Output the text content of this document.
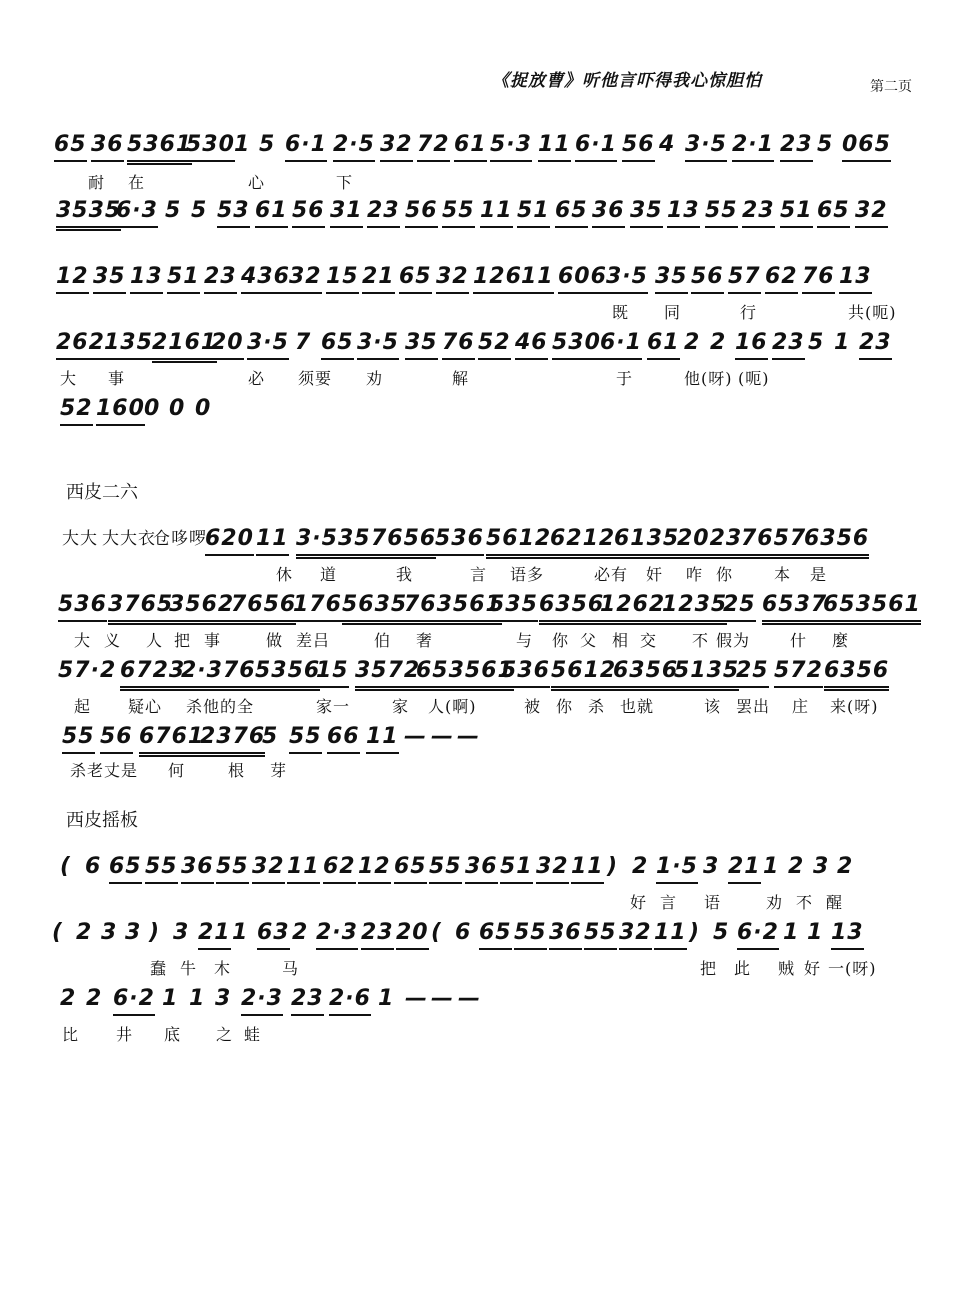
《捉放曹》听他言吓得我心惊胆怕	第二页
西皮二六
西皮摇板
65 36 5361
530 1 5 6·1 2·5 32 72 61 5·3 11 6·1 56 4 3·5 2·1 23 5 065
耐 在	心	下
3535
6·3 5 5 53 61 56 31 23 56 55 11 51 65 36 35 13 55 23 51 65 32
12 35 13 51 23 436 32 15 21 65 32 126 11 606 3·5 35 56 57 62 76 13
既 同	行	共(呃)
262 135 2161
20 3·5 7 65 3·5 35 76 52 46 530 6·1 61 2 2 16 23 5 1 23
大 事	必 须要 劝	解	于	他(呀) (呃)
52 160 0 0 0
大大 大大衣
仓哆啰
620 11 3·535 7656
536 5612
6212
6135
2023
7657
6356
休 道	我	言 语多	必有 奸 咋 你	本 是
536 3765
3562
7656
176 5635
763561
535 6356
1262
1235
25 6537
653561
大 义 人 把 事	做 差吕	伯 奢	与 你 父 相 交 不 假为 什 麼
57·2 6723
2·376 5356
15 3572
653561
536 5612
6356
5135
25 572 6356
起 疑心 杀他的全	家一	家 人(啊)	被 你 杀 也就	该 罢出 庄 来(呀)
55 56 6761
2376
5 55 66 11 — — —
杀老丈是 何	根 芽
( 6 65 55 36 55 32 11 62 12 65 55 36 51 32 11 ) 2 1·5 3 21 1 2 3 2
好 言 语	劝 不 醒
( 2 3 3 ) 3 21 1 63 2 2·3 23 20 ( 6 65 55 36 55 32 11 ) 5 6·2 1 1 13
蠢 牛 木	马	把 此 贼 好 一(呀)
2 2 6·2 1 1 3 2·3 23 2·6 1 — — —
比 井 底 之 蛙
